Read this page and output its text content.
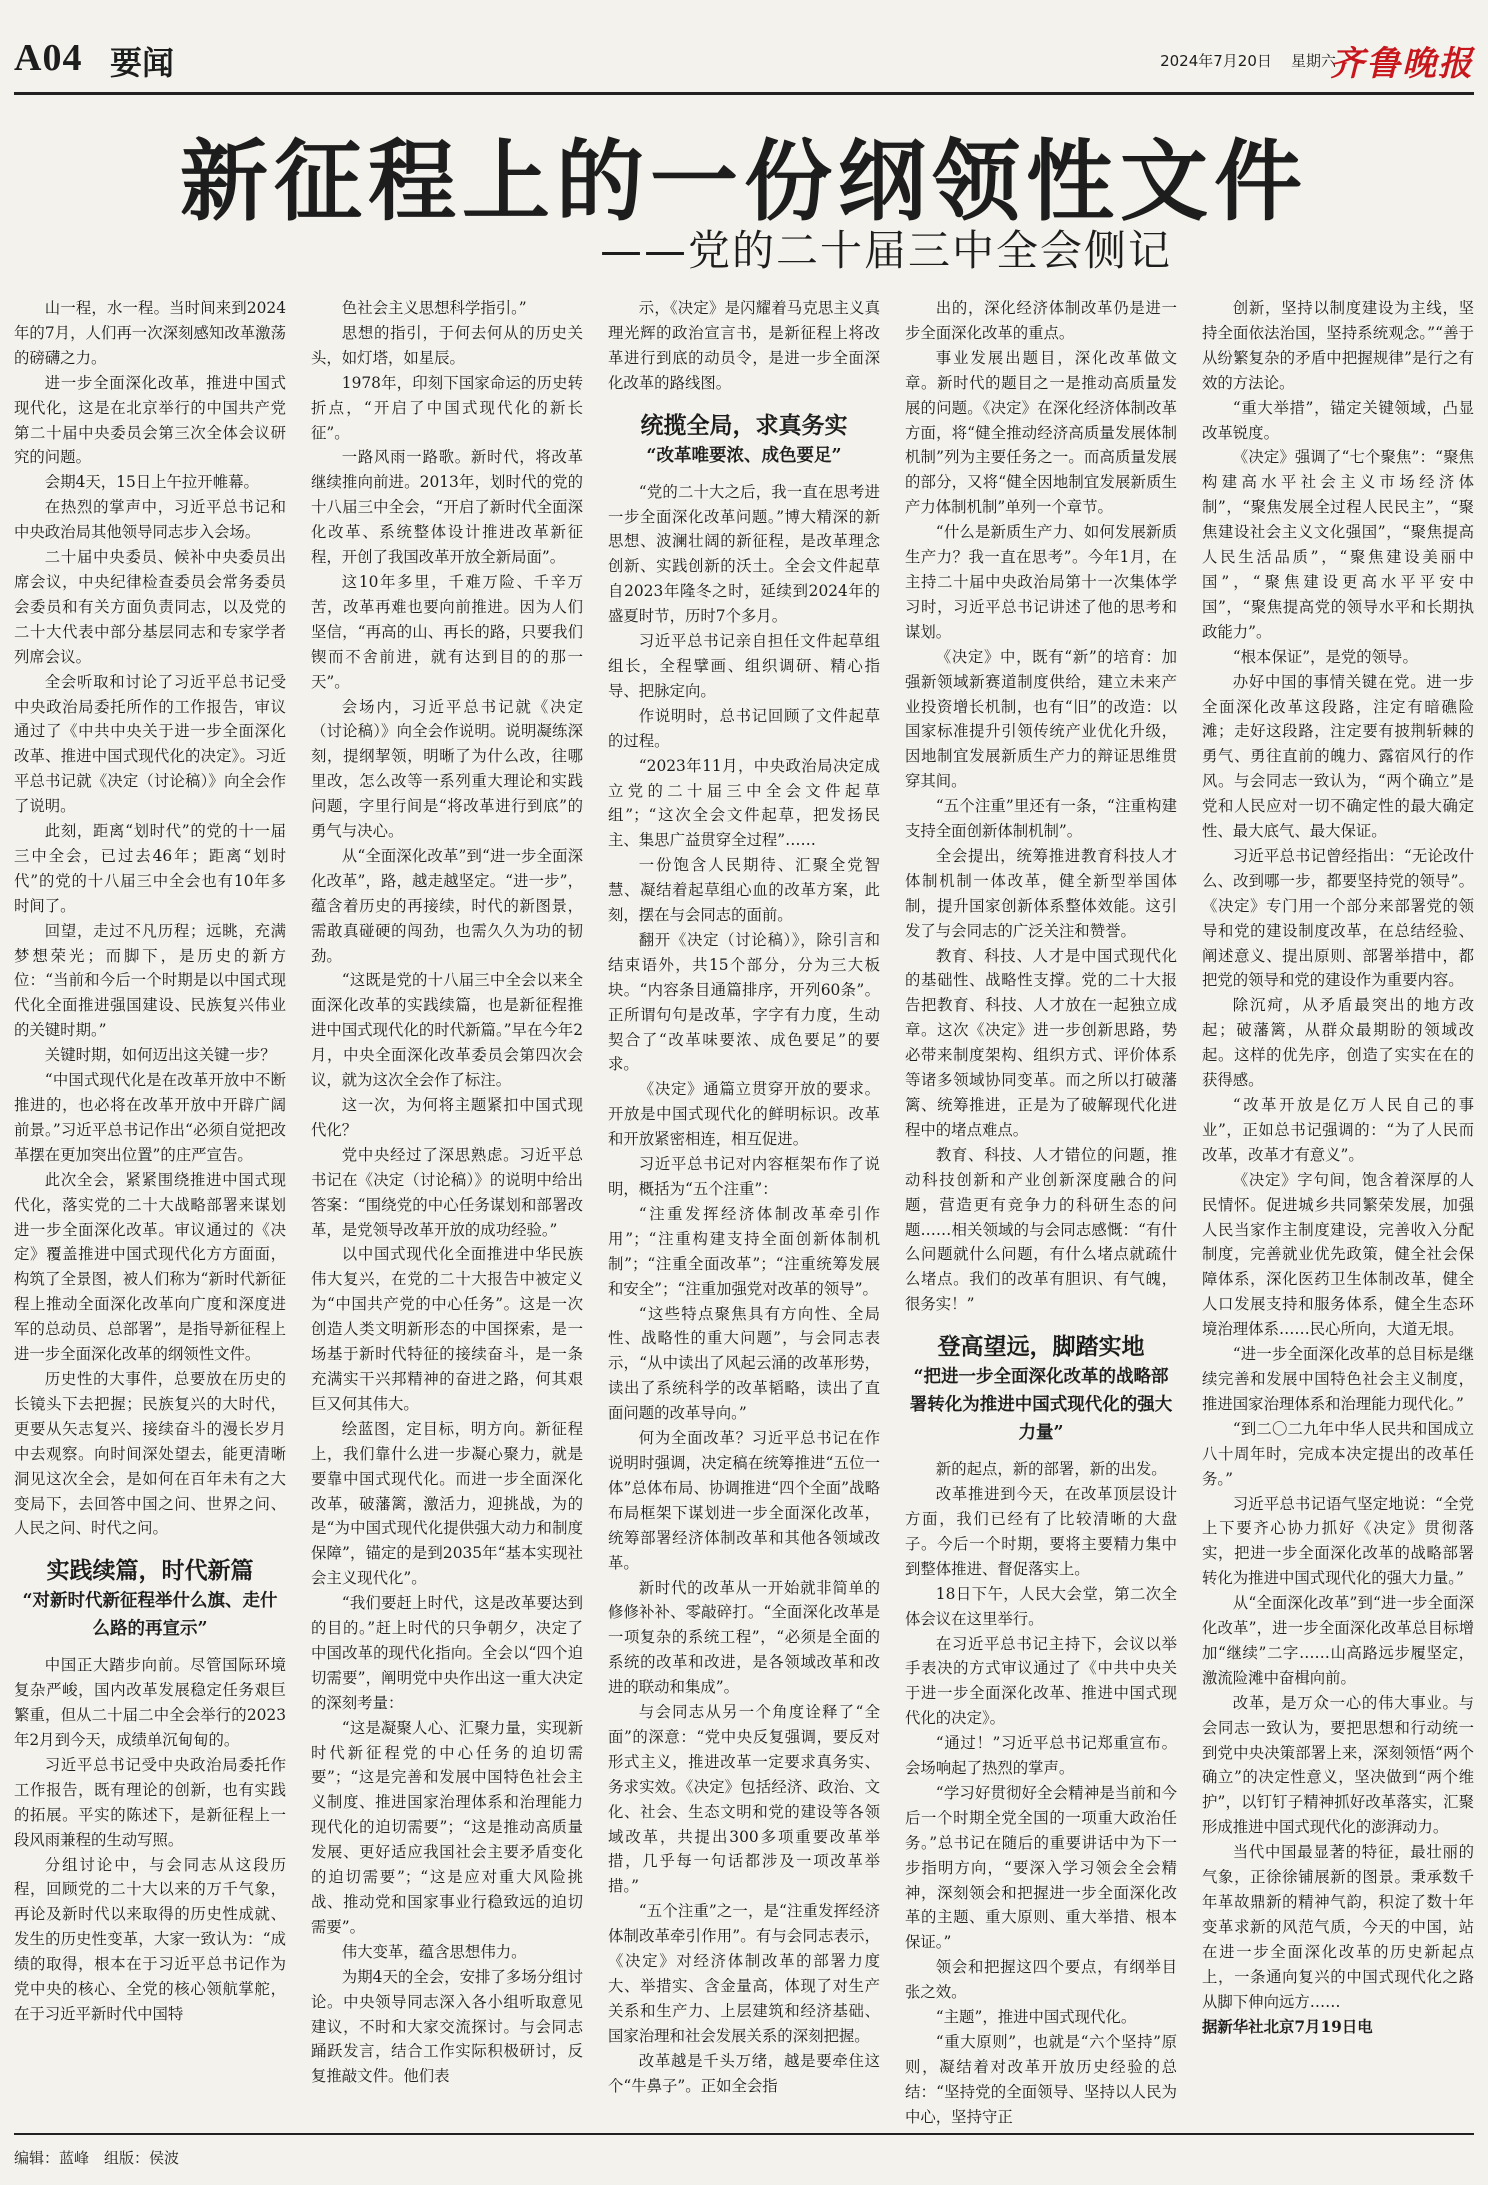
A04 要闻	2024年7月20日 星期六
齐鲁晚报
新征程上的一份纲领性文件
——党的二十届三中全会侧记

山一程，水一程。当时间来到2024年的7月，人们再一次深刻感知改革激荡的磅礴之力。

进一步全面深化改革，推进中国式现代化，这是在北京举行的中国共产党第二十届中央委员会第三次全体会议研究的问题。

会期4天，15日上午拉开帷幕。

在热烈的掌声中，习近平总书记和中央政治局其他领导同志步入会场。

二十届中央委员、候补中央委员出席会议，中央纪律检查委员会常务委员会委员和有关方面负责同志，以及党的二十大代表中部分基层同志和专家学者列席会议。

全会听取和讨论了习近平总书记受中央政治局委托所作的工作报告，审议通过了《中共中央关于进一步全面深化改革、推进中国式现代化的决定》。习近平总书记就《决定（讨论稿）》向全会作了说明。

此刻，距离“划时代”的党的十一届三中全会，已过去46年；距离“划时代”的党的十八届三中全会也有10年多时间了。

回望，走过不凡历程；远眺，充满梦想荣光；而脚下，是历史的新方位：“当前和今后一个时期是以中国式现代化全面推进强国建设、民族复兴伟业的关键时期。”

关键时期，如何迈出这关键一步？

“中国式现代化是在改革开放中不断推进的，也必将在改革开放中开辟广阔前景。”习近平总书记作出“必须自觉把改革摆在更加突出位置”的庄严宣告。

此次全会，紧紧围绕推进中国式现代化，落实党的二十大战略部署来谋划进一步全面深化改革。审议通过的《决定》覆盖推进中国式现代化方方面面，构筑了全景图，被人们称为“新时代新征程上推动全面深化改革向广度和深度进军的总动员、总部署”，是指导新征程上进一步全面深化改革的纲领性文件。

历史性的大事件，总要放在历史的长镜头下去把握；民族复兴的大时代，更要从矢志复兴、接续奋斗的漫长岁月中去观察。向时间深处望去，能更清晰洞见这次全会，是如何在百年未有之大变局下，去回答中国之问、世界之问、人民之问、时代之问。

实践续篇，时代新篇
“对新时代新征程举什么旗、走什么路的再宣示”

中国正大踏步向前。尽管国际环境复杂严峻，国内改革发展稳定任务艰巨繁重，但从二十届二中全会举行的2023年2月到今天，成绩单沉甸甸的。

习近平总书记受中央政治局委托作工作报告，既有理论的创新，也有实践的拓展。平实的陈述下，是新征程上一段风雨兼程的生动写照。

分组讨论中，与会同志从这段历程，回顾党的二十大以来的万千气象，再论及新时代以来取得的历史性成就、发生的历史性变革，大家一致认为：“成绩的取得，根本在于习近平总书记作为党中央的核心、全党的核心领航掌舵，在于习近平新时代中国特

色社会主义思想科学指引。”

思想的指引，于何去何从的历史关头，如灯塔，如星辰。

1978年，印刻下国家命运的历史转折点，“开启了中国式现代化的新长征”。

一路风雨一路歌。新时代，将改革继续推向前进。2013年，划时代的党的十八届三中全会，“开启了新时代全面深化改革、系统整体设计推进改革新征程，开创了我国改革开放全新局面”。

这10年多里，千难万险、千辛万苦，改革再难也要向前推进。因为人们坚信，“再高的山、再长的路，只要我们锲而不舍前进，就有达到目的的那一天”。

会场内，习近平总书记就《决定（讨论稿）》向全会作说明。说明凝练深刻，提纲挈领，明晰了为什么改，往哪里改，怎么改等一系列重大理论和实践问题，字里行间是“将改革进行到底”的勇气与决心。

从“全面深化改革”到“进一步全面深化改革”，路，越走越坚定。“进一步”，蕴含着历史的再接续，时代的新图景，需敢真碰硬的闯劲，也需久久为功的韧劲。

“这既是党的十八届三中全会以来全面深化改革的实践续篇，也是新征程推进中国式现代化的时代新篇。”早在今年2月，中央全面深化改革委员会第四次会议，就为这次全会作了标注。

这一次，为何将主题紧扣中国式现代化？

党中央经过了深思熟虑。习近平总书记在《决定（讨论稿）》的说明中给出答案：“围绕党的中心任务谋划和部署改革，是党领导改革开放的成功经验。”

以中国式现代化全面推进中华民族伟大复兴，在党的二十大报告中被定义为“中国共产党的中心任务”。这是一次创造人类文明新形态的中国探索，是一场基于新时代特征的接续奋斗，是一条充满实干兴邦精神的奋进之路，何其艰巨又何其伟大。

绘蓝图，定目标，明方向。新征程上，我们靠什么进一步凝心聚力，就是要靠中国式现代化。而进一步全面深化改革，破藩篱，激活力，迎挑战，为的是“为中国式现代化提供强大动力和制度保障”，锚定的是到2035年“基本实现社会主义现代化”。

“我们要赶上时代，这是改革要达到的目的。”赶上时代的只争朝夕，决定了中国改革的现代化指向。全会以“四个迫切需要”，阐明党中央作出这一重大决定的深刻考量：

“这是凝聚人心、汇聚力量，实现新时代新征程党的中心任务的迫切需要”；“这是完善和发展中国特色社会主义制度、推进国家治理体系和治理能力现代化的迫切需要”；“这是推动高质量发展、更好适应我国社会主要矛盾变化的迫切需要”；“这是应对重大风险挑战、推动党和国家事业行稳致远的迫切需要”。

伟大变革，蕴含思想伟力。

为期4天的全会，安排了多场分组讨论。中央领导同志深入各小组听取意见建议，不时和大家交流探讨。与会同志踊跃发言，结合工作实际积极研讨，反复推敲文件。他们表

示，《决定》是闪耀着马克思主义真理光辉的政治宣言书，是新征程上将改革进行到底的动员令，是进一步全面深化改革的路线图。

统揽全局，求真务实
“改革唯要浓、成色要足”

“党的二十大之后，我一直在思考进一步全面深化改革问题。”博大精深的新思想、波澜壮阔的新征程，是改革理念创新、实践创新的沃土。全会文件起草自2023年隆冬之时，延续到2024年的盛夏时节，历时7个多月。

习近平总书记亲自担任文件起草组组长，全程擘画、组织调研、精心指导、把脉定向。

作说明时，总书记回顾了文件起草的过程。

“2023年11月，中央政治局决定成立党的二十届三中全会文件起草组”；“这次全会文件起草，把发扬民主、集思广益贯穿全过程”……

一份饱含人民期待、汇聚全党智慧、凝结着起草组心血的改革方案，此刻，摆在与会同志的面前。

翻开《决定（讨论稿）》，除引言和结束语外，共15个部分，分为三大板块。“内容条目通篇排序，开列60条”。正所谓句句是改革，字字有力度，生动契合了“改革味要浓、成色要足”的要求。

《决定》通篇立贯穿开放的要求。开放是中国式现代化的鲜明标识。改革和开放紧密相连，相互促进。

习近平总书记对内容框架布作了说明，概括为“五个注重”：

“注重发挥经济体制改革牵引作用”；“注重构建支持全面创新体制机制”；“注重全面改革”；“注重统筹发展和安全”；“注重加强党对改革的领导”。

“这些特点聚焦具有方向性、全局性、战略性的重大问题”，与会同志表示，“从中读出了风起云涌的改革形势，读出了系统科学的改革韬略，读出了直面问题的改革导向。”

何为全面改革？习近平总书记在作说明时强调，决定稿在统筹推进“五位一体”总体布局、协调推进“四个全面”战略布局框架下谋划进一步全面深化改革，统筹部署经济体制改革和其他各领域改革。

新时代的改革从一开始就非简单的修修补补、零敲碎打。“全面深化改革是一项复杂的系统工程”，“必须是全面的系统的改革和改进，是各领域改革和改进的联动和集成”。

与会同志从另一个角度诠释了“全面”的深意：“党中央反复强调，要反对形式主义，推进改革一定要求真务实、务求实效。《决定》包括经济、政治、文化、社会、生态文明和党的建设等各领域改革，共提出300多项重要改革举措，几乎每一句话都涉及一项改革举措。”

“五个注重”之一，是“注重发挥经济体制改革牵引作用”。有与会同志表示，《决定》对经济体制改革的部署力度大、举措实、含金量高，体现了对生产关系和生产力、上层建筑和经济基础、国家治理和社会发展关系的深刻把握。

改革越是千头万绪，越是要牵住这个“牛鼻子”。正如全会指

出的，深化经济体制改革仍是进一步全面深化改革的重点。

事业发展出题目，深化改革做文章。新时代的题目之一是推动高质量发展的问题。《决定》在深化经济体制改革方面，将“健全推动经济高质量发展体制机制”列为主要任务之一。而高质量发展的部分，又将“健全因地制宜发展新质生产力体制机制”单列一个章节。

“什么是新质生产力、如何发展新质生产力？我一直在思考”。今年1月，在主持二十届中央政治局第十一次集体学习时，习近平总书记讲述了他的思考和谋划。

《决定》中，既有“新”的培育：加强新领域新赛道制度供给，建立未来产业投资增长机制，也有“旧”的改造：以国家标准提升引领传统产业优化升级，因地制宜发展新质生产力的辩证思维贯穿其间。

“五个注重”里还有一条，“注重构建支持全面创新体制机制”。

全会提出，统筹推进教育科技人才体制机制一体改革，健全新型举国体制，提升国家创新体系整体效能。这引发了与会同志的广泛关注和赞誉。

教育、科技、人才是中国式现代化的基础性、战略性支撑。党的二十大报告把教育、科技、人才放在一起独立成章。这次《决定》进一步创新思路，势必带来制度架构、组织方式、评价体系等诸多领域协同变革。而之所以打破藩篱、统筹推进，正是为了破解现代化进程中的堵点难点。

教育、科技、人才错位的问题，推动科技创新和产业创新深度融合的问题，营造更有竞争力的科研生态的问题……相关领域的与会同志感慨：“有什么问题就什么问题，有什么堵点就疏什么堵点。我们的改革有胆识、有气魄，很务实！”

登高望远，脚踏实地
“把进一步全面深化改革的战略部署转化为推进中国式现代化的强大力量”

新的起点，新的部署，新的出发。

改革推进到今天，在改革顶层设计方面，我们已经有了比较清晰的大盘子。今后一个时期，要将主要精力集中到整体推进、督促落实上。

18日下午，人民大会堂，第二次全体会议在这里举行。

在习近平总书记主持下，会议以举手表决的方式审议通过了《中共中央关于进一步全面深化改革、推进中国式现代化的决定》。

“通过！”习近平总书记郑重宣布。会场响起了热烈的掌声。

“学习好贯彻好全会精神是当前和今后一个时期全党全国的一项重大政治任务。”总书记在随后的重要讲话中为下一步指明方向，“要深入学习领会全会精神，深刻领会和把握进一步全面深化改革的主题、重大原则、重大举措、根本保证。”

领会和把握这四个要点，有纲举目张之效。

“主题”，推进中国式现代化。

“重大原则”，也就是“六个坚持”原则，凝结着对改革开放历史经验的总结：“坚持党的全面领导、坚持以人民为中心，坚持守正

创新，坚持以制度建设为主线，坚持全面依法治国，坚持系统观念。”“善于从纷繁复杂的矛盾中把握规律”是行之有效的方法论。

“重大举措”，锚定关键领域，凸显改革锐度。

《决定》强调了“七个聚焦”：“聚焦构建高水平社会主义市场经济体制”，“聚焦发展全过程人民民主”，“聚焦建设社会主义文化强国”，“聚焦提高人民生活品质”，“聚焦建设美丽中国”，“聚焦建设更高水平平安中国”，“聚焦提高党的领导水平和长期执政能力”。

“根本保证”，是党的领导。

办好中国的事情关键在党。进一步全面深化改革这段路，注定有暗礁险滩；走好这段路，注定要有披荆斩棘的勇气、勇往直前的魄力、露宿风行的作风。与会同志一致认为，“两个确立”是党和人民应对一切不确定性的最大确定性、最大底气、最大保证。

习近平总书记曾经指出：“无论改什么、改到哪一步，都要坚持党的领导”。《决定》专门用一个部分来部署党的领导和党的建设制度改革，在总结经验、阐述意义、提出原则、部署举措中，都把党的领导和党的建设作为重要内容。

除沉疴，从矛盾最突出的地方改起；破藩篱，从群众最期盼的领域改起。这样的优先序，创造了实实在在的获得感。

“改革开放是亿万人民自己的事业”，正如总书记强调的：“为了人民而改革，改革才有意义”。

《决定》字句间，饱含着深厚的人民情怀。促进城乡共同繁荣发展，加强人民当家作主制度建设，完善收入分配制度，完善就业优先政策，健全社会保障体系，深化医药卫生体制改革，健全人口发展支持和服务体系，健全生态环境治理体系……民心所向，大道无垠。

“进一步全面深化改革的总目标是继续完善和发展中国特色社会主义制度，推进国家治理体系和治理能力现代化。”

“到二〇二九年中华人民共和国成立八十周年时，完成本决定提出的改革任务。”

习近平总书记语气坚定地说：“全党上下要齐心协力抓好《决定》贯彻落实，把进一步全面深化改革的战略部署转化为推进中国式现代化的强大力量。”

从“全面深化改革”到“进一步全面深化改革”，进一步全面深化改革总目标增加“继续”二字……山高路远步履坚定，激流险滩中奋楫向前。

改革，是万众一心的伟大事业。与会同志一致认为，要把思想和行动统一到党中央决策部署上来，深刻领悟“两个确立”的决定性意义，坚决做到“两个维护”，以钉钉子精神抓好改革落实，汇聚形成推进中国式现代化的澎湃动力。

当代中国最显著的特征，最壮丽的气象，正徐徐铺展新的图景。秉承数千年革故鼎新的精神气韵，积淀了数十年变革求新的风范气质，今天的中国，站在进一步全面深化改革的历史新起点上，一条通向复兴的中国式现代化之路从脚下伸向远方……

据新华社北京7月19日电

编辑：蓝峰　组版：侯波
